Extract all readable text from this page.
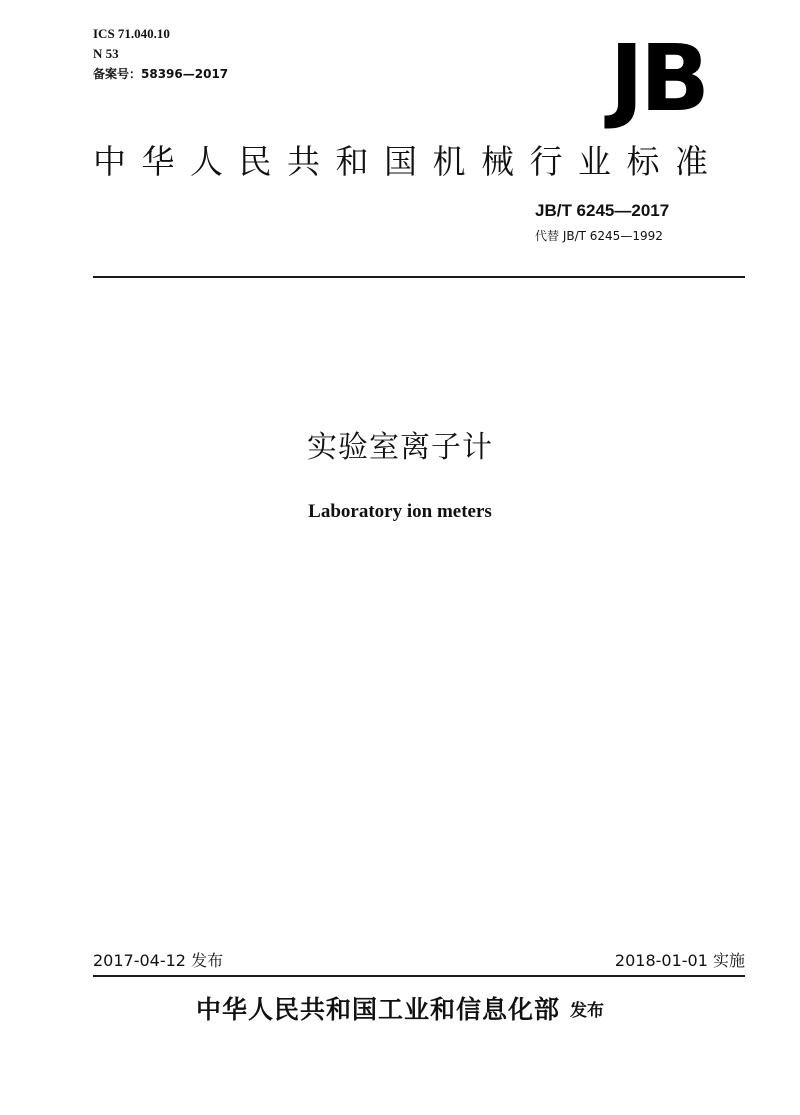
ICS 71.040.10
N 53
备案号：58396—2017	JB
中华人民共和国机械行业标准
JB/T 6245—2017
代替 JB/T 6245—1992
实验室离子计
Laboratory ion meters
2017-04-12 发布	2018-01-01 实施
中华人民共和国工业和信息化部 发布
